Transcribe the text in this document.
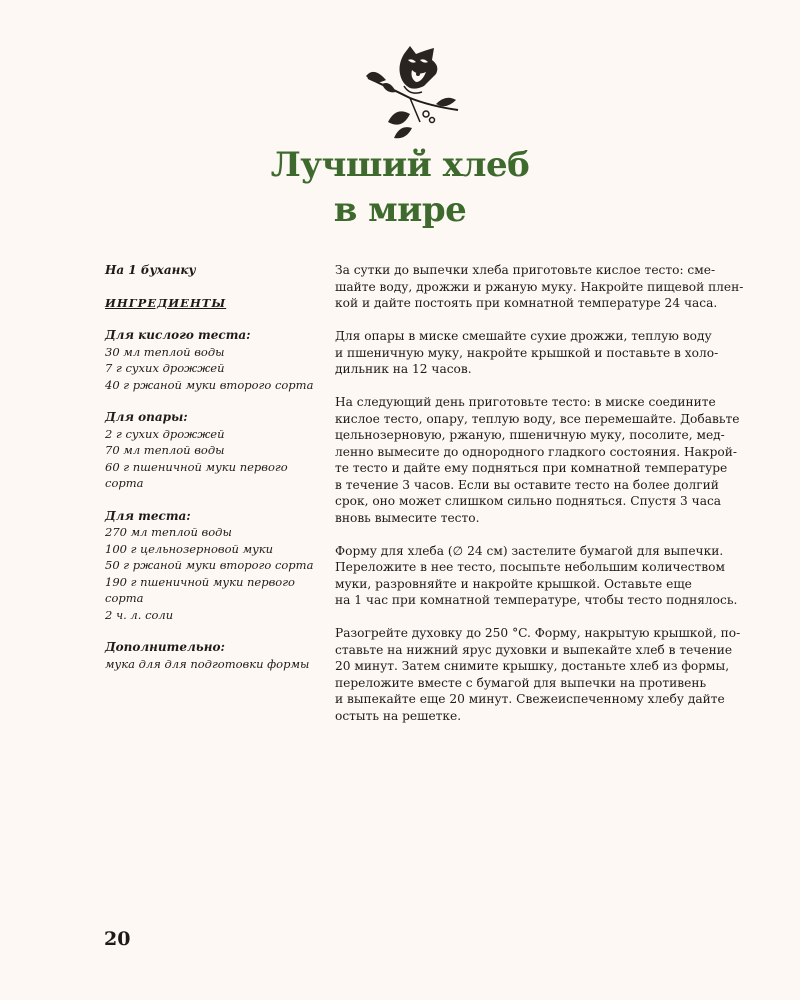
Лучший хлеб
в мире
На 1 буханку
ИНГРЕДИЕНТЫ
Для кислого теста:
30 мл теплой воды
7 г сухих дрожжей
40 г ржаной муки второго сорта
Для опары:
2 г сухих дрожжей
70 мл теплой воды
60 г пшеничной муки первого сорта
Для теста:
270 мл теплой воды
100 г цельнозерновой муки
50 г ржаной муки второго сорта
190 г пшеничной муки первого
сорта
2 ч. л. соли
Дополнительно:
мука для для подготовки формы

За сутки до выпечки хлеба приготовьте кислое тесто: сме-
шайте воду, дрожжи и ржаную муку. Накройте пищевой плен-
кой и дайте постоять при комнатной температуре 24 часа.

Для опары в миске смешайте сухие дрожжи, теплую воду
и пшеничную муку, накройте крышкой и поставьте в холо-
дильник на 12 часов.

На следующий день приготовьте тесто: в миске соедините
кислое тесто, опару, теплую воду, все перемешайте. Добавьте
цельнозерновую, ржаную, пшеничную муку, посолите, мед-
ленно вымесите до однородного гладкого состояния. Накрой-
те тесто и дайте ему подняться при комнатной температуре
в течение 3 часов. Если вы оставите тесто на более долгий
срок, оно может слишком сильно подняться. Спустя 3 часа
вновь вымесите тесто.

Форму для хлеба (∅ 24 см) застелите бумагой для выпечки.
Переложите в нее тесто, посыпьте небольшим количеством
муки, разровняйте и накройте крышкой. Оставьте еще
на 1 час при комнатной температуре, чтобы тесто поднялось.

Разогрейте духовку до 250 °C. Форму, накрытую крышкой, по-
ставьте на нижний ярус духовки и выпекайте хлеб в течение
20 минут. Затем снимите крышку, достаньте хлеб из формы,
переложите вместе с бумагой для выпечки на противень
и выпекайте еще 20 минут. Свежеиспеченному хлебу дайте
остыть на решетке.

20
